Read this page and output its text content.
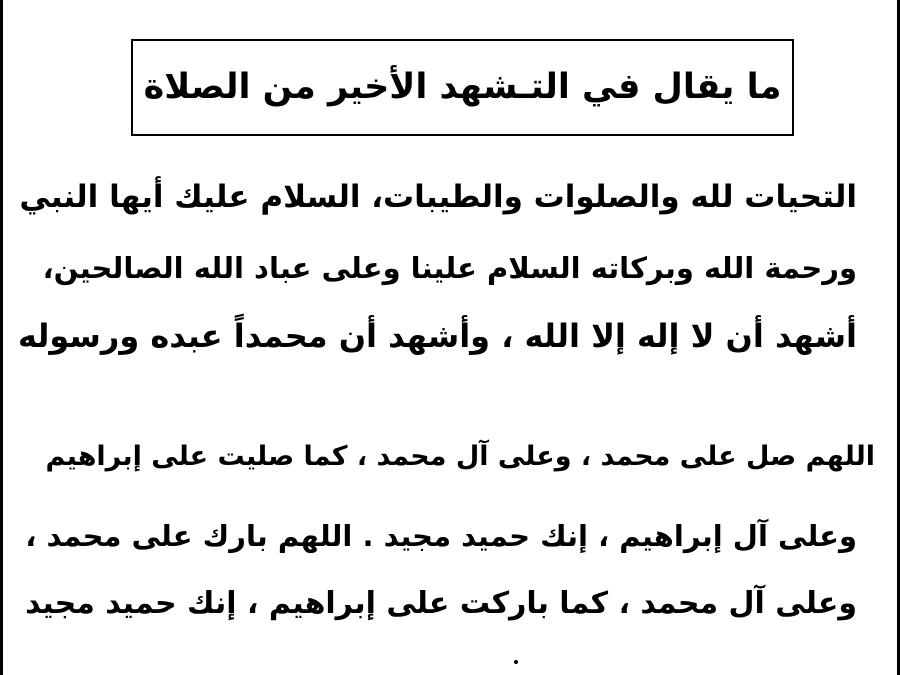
ما يقال في التـشهد الأخير من الصلاة
التحيات لله والصلوات والطيبات، السلام عليك أيها النبي
ورحمة الله وبركاته السلام علينا وعلى عباد الله الصالحين،
أشهد أن لا إله إلا الله ، وأشهد أن محمداً عبده ورسوله
اللهم صل على محمد ، وعلى آل محمد ، كما صليت على إبراهيم
وعلى آل إبراهيم ، إنك حميد مجيد . اللهم بارك على محمد ،
وعلى آل محمد ، كما باركت على إبراهيم ، إنك حميد مجيد
